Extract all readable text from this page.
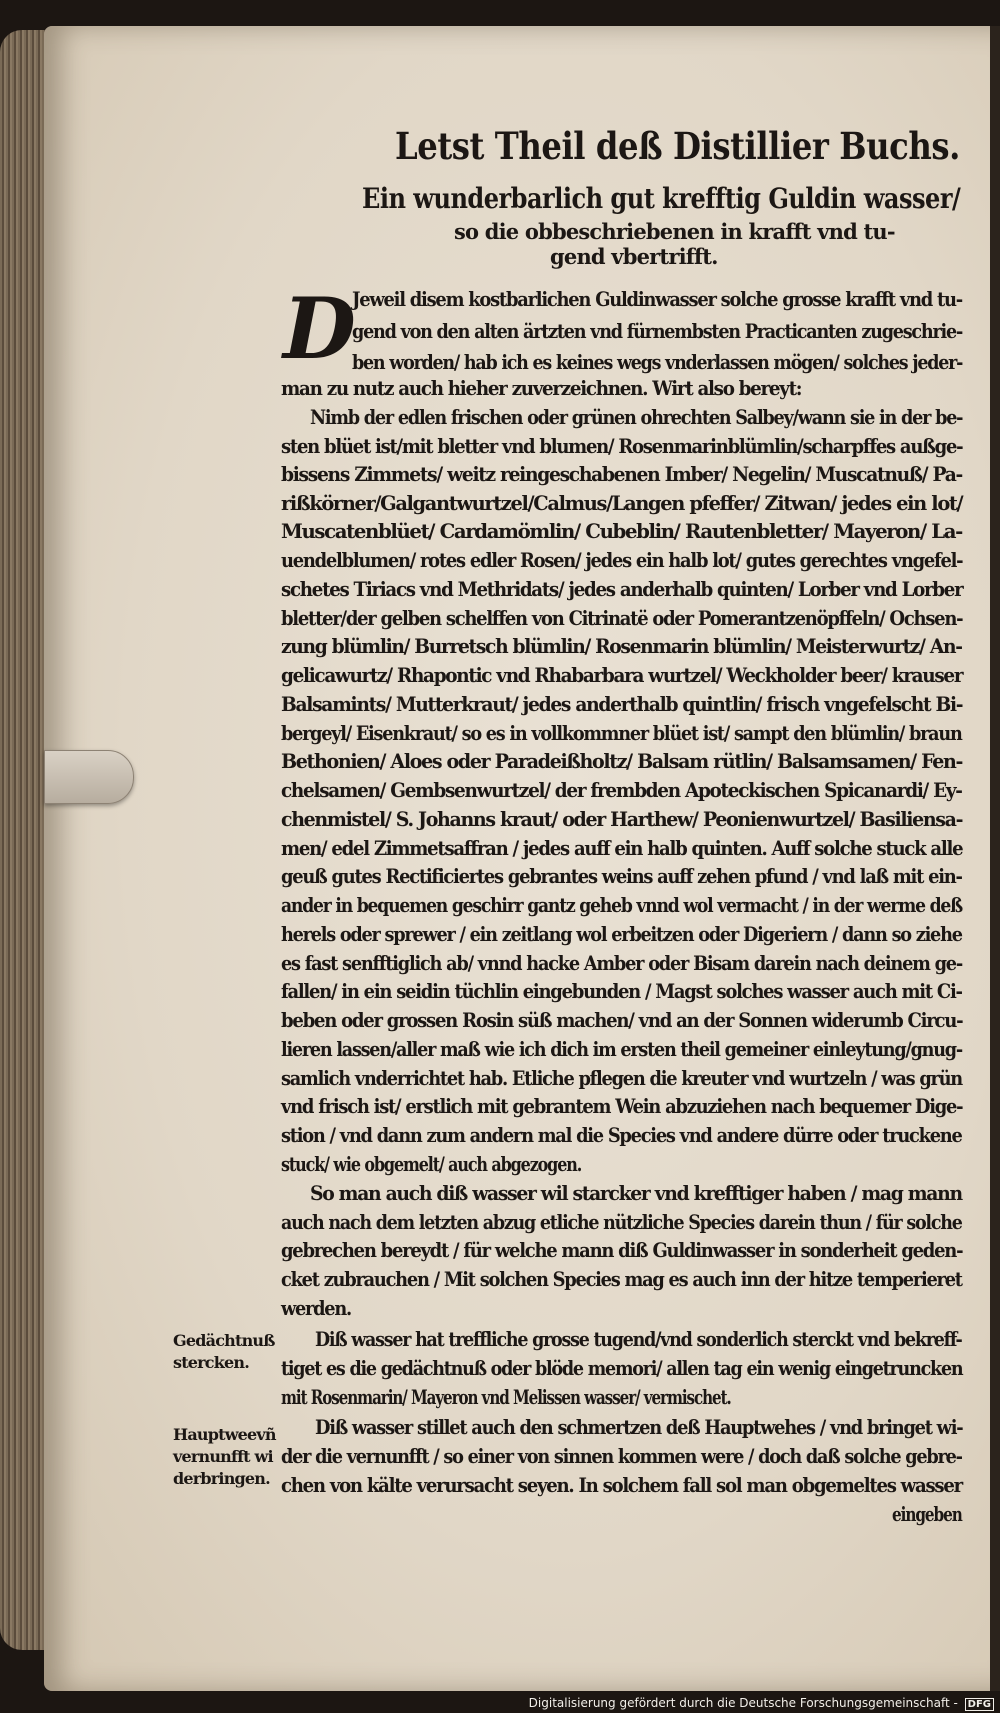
Letst Theil deß Distillier Buchs.
Ein wunderbarlich gut krefftig Guldin wasser/
so die obbeschriebenen in krafft vnd tu-
gend vbertrifft.
D
Jeweil disem kostbarlichen Guldinwasser solche grosse krafft vnd tu-
gend von den alten ärtzten vnd fürnembsten Practicanten zugeschrie-
ben worden/ hab ich es keines wegs vnderlassen mögen/ solches jeder-
man zu nutz auch hieher zuverzeichnen. Wirt also bereyt:
Nimb der edlen frischen oder grünen ohrechten Salbey/wann sie in der be-
sten blüet ist/mit bletter vnd blumen/ Rosenmarinblümlin/scharpffes außge-
bissens Zimmets/ weitz reingeschabenen Imber/ Negelin/ Muscatnuß/ Pa-
rißkörner/Galgantwurtzel/Calmus/Langen pfeffer/ Zitwan/ jedes ein lot/
Muscatenblüet/ Cardamömlin/ Cubeblin/ Rautenbletter/ Mayeron/ La-
uendelblumen/ rotes edler Rosen/ jedes ein halb lot/ gutes gerechtes vngefel-
schetes Tiriacs vnd Methridats/ jedes anderhalb quinten/ Lorber vnd Lorber
bletter/der gelben schelffen von Citrinatë oder Pomerantzenöpffeln/ Ochsen-
zung blümlin/ Burretsch blümlin/ Rosenmarin blümlin/ Meisterwurtz/ An-
gelicawurtz/ Rhapontic vnd Rhabarbara wurtzel/ Weckholder beer/ krauser
Balsamints/ Mutterkraut/ jedes anderthalb quintlin/ frisch vngefelscht Bi-
bergeyl/ Eisenkraut/ so es in vollkommner blüet ist/ sampt den blümlin/ braun
Bethonien/ Aloes oder Paradeißholtz/ Balsam rütlin/ Balsamsamen/ Fen-
chelsamen/ Gembsenwurtzel/ der frembden Apoteckischen Spicanardi/ Ey-
chenmistel/ S. Johanns kraut/ oder Harthew/ Peonienwurtzel/ Basiliensa-
men/ edel Zimmetsaffran / jedes auff ein halb quinten. Auff solche stuck alle
geuß gutes Rectificiertes gebrantes weins auff zehen pfund / vnd laß mit ein-
ander in bequemen geschirr gantz geheb vnnd wol vermacht / in der werme deß
herels oder sprewer / ein zeitlang wol erbeitzen oder Digeriern / dann so ziehe
es fast senfftiglich ab/ vnnd hacke Amber oder Bisam darein nach deinem ge-
fallen/ in ein seidin tüchlin eingebunden / Magst solches wasser auch mit Ci-
beben oder grossen Rosin süß machen/ vnd an der Sonnen widerumb Circu-
lieren lassen/aller maß wie ich dich im ersten theil gemeiner einleytung/gnug-
samlich vnderrichtet hab. Etliche pflegen die kreuter vnd wurtzeln / was grün
vnd frisch ist/ erstlich mit gebrantem Wein abzuziehen nach bequemer Dige-
stion / vnd dann zum andern mal die Species vnd andere dürre oder truckene
stuck/ wie obgemelt/ auch abgezogen.
So man auch diß wasser wil starcker vnd krefftiger haben / mag mann
auch nach dem letzten abzug etliche nützliche Species darein thun / für solche
gebrechen bereydt / für welche mann diß Guldinwasser in sonderheit geden-
cket zubrauchen / Mit solchen Species mag es auch inn der hitze temperieret
werden.
Diß wasser hat treffliche grosse tugend/vnd sonderlich sterckt vnd bekreff-
tiget es die gedächtnuß oder blöde memori/ allen tag ein wenig eingetruncken
mit Rosenmarin/ Mayeron vnd Melissen wasser/ vermischet.
Diß wasser stillet auch den schmertzen deß Hauptwehes / vnd bringet wi-
der die vernunfft / so einer von sinnen kommen were / doch daß solche gebre-
chen von kälte verursacht seyen. In solchem fall sol man obgemeltes wasser
eingeben
Gedächtnuß
stercken.
Hauptweevñ
vernunfft wi
derbringen.
Digitalisierung gefördert durch die Deutsche Forschungsgemeinschaft - DFG
